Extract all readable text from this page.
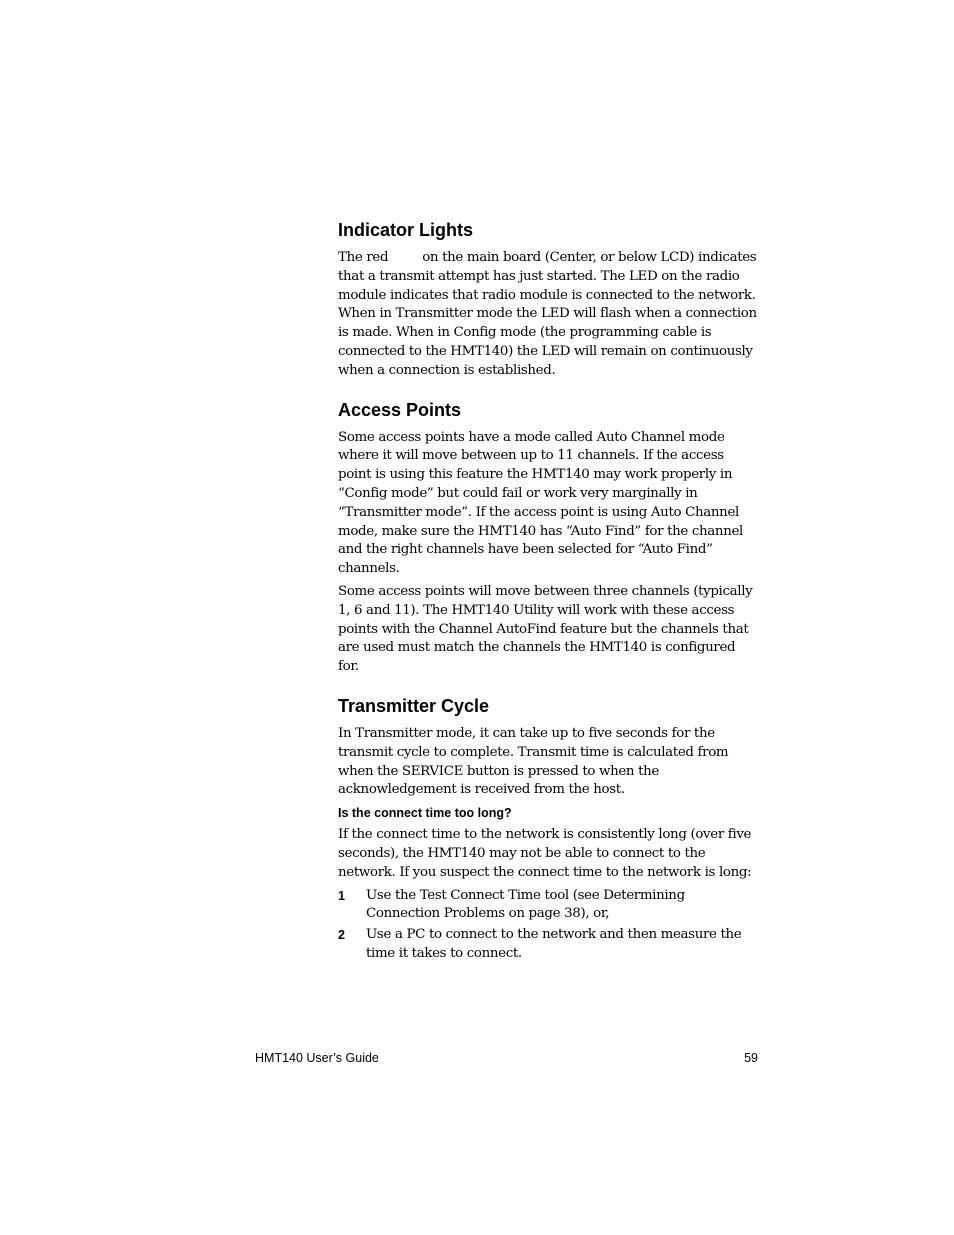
Indicator Lights

The red	on the main board (Center, or below LCD) indicates that a transmit attempt has just started. The LED on the radio module indicates that radio module is connected to the network. When in Transmitter mode the LED will flash when a connection is made. When in Config mode (the programming cable is connected to the HMT140) the LED will remain on continuously when a connection is established.

Access Points

Some access points have a mode called Auto Channel mode where it will move between up to 11 channels. If the access point is using this feature the HMT140 may work properly in “Config mode” but could fail or work very marginally in “Transmitter mode”. If the access point is using Auto Channel mode, make sure the HMT140 has “Auto Find” for the channel and the right channels have been selected for “Auto Find” channels.

Some access points will move between three channels (typically 1, 6 and 11). The HMT140 Utility will work with these access points with the Channel AutoFind feature but the channels that are used must match the channels the HMT140 is configured for.

Transmitter Cycle

In Transmitter mode, it can take up to five seconds for the transmit cycle to complete. Transmit time is calculated from when the SERVICE button is pressed to when the acknowledgement is received from the host.

Is the connect time too long?

If the connect time to the network is consistently long (over five seconds), the HMT140 may not be able to connect to the network. If you suspect the connect time to the network is long:

1	Use the Test Connect Time tool (see Determining Connection Problems on page 38), or,
2	Use a PC to connect to the network and then measure the time it takes to connect.
HMT140 User’s Guide	59
